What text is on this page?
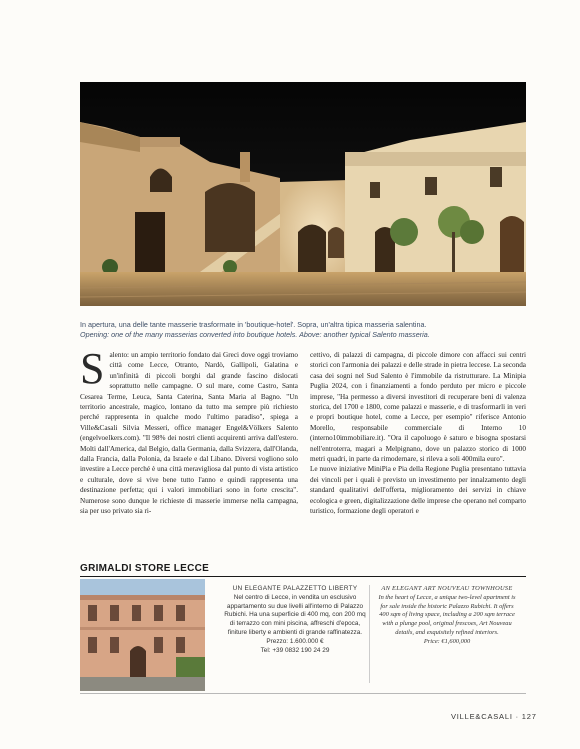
In apertura, una delle tante masserie trasformate in 'boutique-hotel'. Sopra, un'altra tipica masseria salentina.
Opening: one of the many masserias converted into boutique hotels. Above: another typical Salento masseria.
S alento: un ampio territorio fondato dai Greci dove oggi troviamo città come Lecce, Otranto, Nardò, Gallipoli, Galatina e un'infinità di piccoli borghi dal grande fascino dislocati soprattutto nelle campagne. O sul mare, come Castro, Santa Cesarea Terme, Leuca, Santa Caterina, Santa Maria al Bagno. "Un territorio ancestrale, magico, lontano da tutto ma sempre più richiesto perché rappresenta in qualche modo l'ultimo paradiso", spiega a Ville&Casali Silvia Messeri, office manager Engel&Völkers Salento (engelvoelkers.com). "Il 98% dei nostri clienti acquirenti arriva dall'estero. Molti dall'America, dal Belgio, dalla Germania, dalla Svizzera, dall'Olanda, dalla Francia, dalla Polonia, da Israele e dal Libano. Diversi vogliono solo investire a Lecce perché è una città meravigliosa dal punto di vista artistico e culturale, dove si vive bene tutto l'anno e quindi rappresenta una destinazione perfetta; qui i valori immobiliari sono in forte crescita". Numerose sono dunque le richieste di masserie immerse nella campagna, sia per uso privato sia ri-

cettivo, di palazzi di campagna, di piccole dimore con affacci sui centri storici con l'armonia dei palazzi e delle strade in pietra leccese. La seconda casa dei sogni nel Sud Salento è l'immobile da ristrutturare. La Minipia Puglia 2024, con i finanziamenti a fondo perduto per micro e piccole imprese, "Ha permesso a diversi investitori di recuperare beni di valenza storica, del 1700 e 1800, come palazzi e masserie, e di trasformarli in veri e propri boutique hotel, come a Lecce, per esempio" riferisce Antonio Morello, responsabile commerciale di Interno 10 (interno10immobiliare.it). "Ora il capoluogo è saturo e bisogna spostarsi nell'entroterra, magari a Melpignano, dove un palazzo storico di 1000 metri quadri, in parte da rimodernare, si rileva a soli 400mila euro".

Le nuove iniziative MiniPia e Pia della Regione Puglia presentano tuttavia dei vincoli per i quali è previsto un investimento per innalzamento degli standard qualitativi dell'offerta, miglioramento dei servizi in chiave ecologica e green, digitalizzazione delle imprese che operano nel comparto turistico, formazione degli operatori e

GRIMALDI STORE LECCE
UN ELEGANTE PALAZZETTO LIBERTY
Nel centro di Lecce, in vendita un esclusivo appartamento su due livelli all'interno di Palazzo Rubichi. Ha una superficie di 400 mq, con 200 mq di terrazzo con mini piscina, affreschi d'epoca, finiture liberty e ambienti di grande raffinatezza.
Prezzo: 1.600.000 €
Tel: +39 0832 190 24 29
AN ELEGANT ART NOUVEAU TOWNHOUSE
In the heart of Lecce, a unique two-level apartment is for sale inside the historic Palazzo Rubichi. It offers 400 sqm of living space, including a 200 sqm terrace with a plunge pool, original frescoes, Art Nouveau details, and exquisitely refined interiors.
Price: €1,600,000
VILLE&CASALI · 127
